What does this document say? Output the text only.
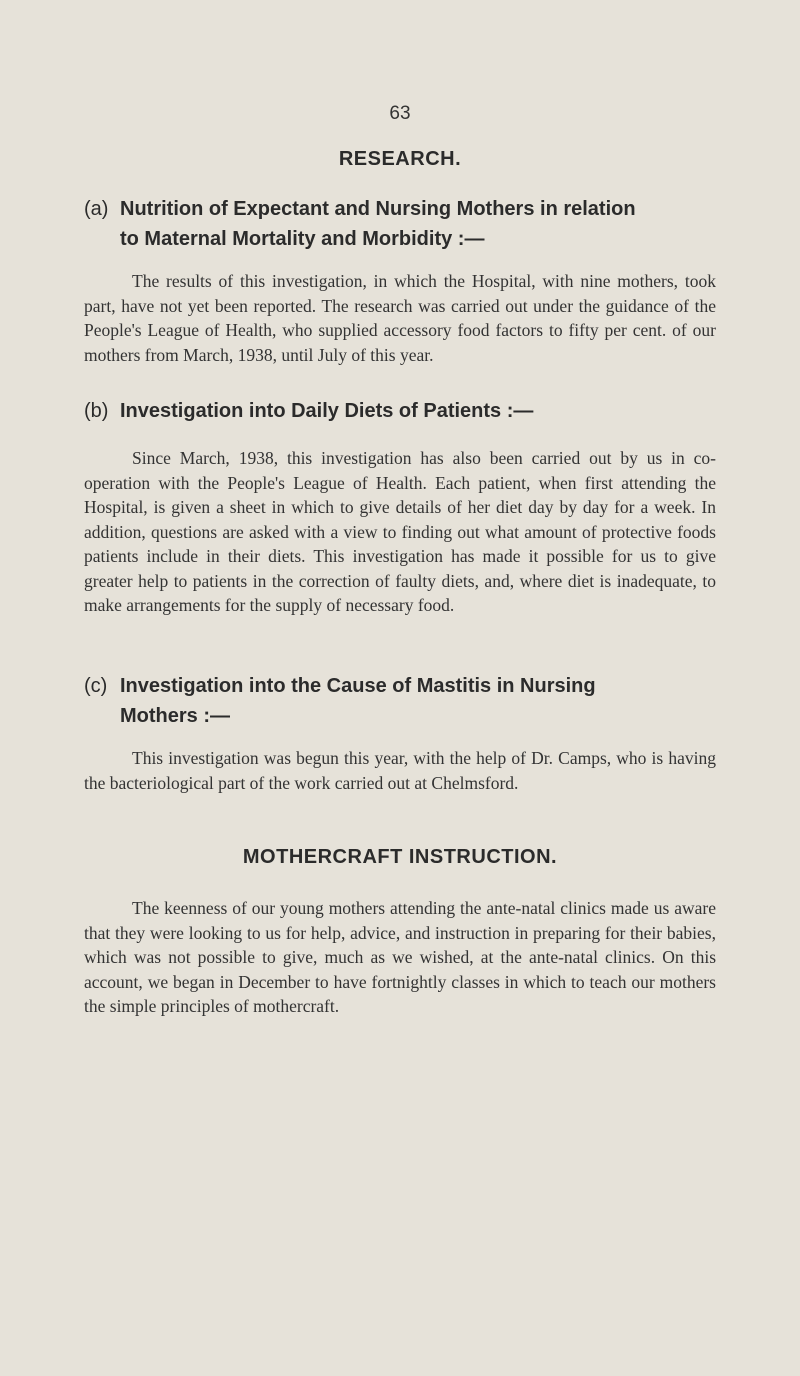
63
RESEARCH.
(a) Nutrition of Expectant and Nursing Mothers in relation
to Maternal Mortality and Morbidity :—

The results of this investigation, in which the Hospital, with nine mothers, took part, have not yet been reported. The research was carried out under the guidance of the People's League of Health, who supplied accessory food factors to fifty per cent. of our mothers from March, 1938, until July of this year.

(b) Investigation into Daily Diets of Patients :—

Since March, 1938, this investigation has also been carried out by us in co-operation with the People's League of Health. Each patient, when first attending the Hospital, is given a sheet in which to give details of her diet day by day for a week. In addition, questions are asked with a view to finding out what amount of protective foods patients include in their diets. This investigation has made it possible for us to give greater help to patients in the correction of faulty diets, and, where diet is inadequate, to make arrangements for the supply of necessary food.

(c) Investigation into the Cause of Mastitis in Nursing
Mothers :—

This investigation was begun this year, with the help of Dr. Camps, who is having the bacteriological part of the work carried out at Chelmsford.

MOTHERCRAFT INSTRUCTION.

The keenness of our young mothers attending the ante-natal clinics made us aware that they were looking to us for help, advice, and instruction in preparing for their babies, which was not possible to give, much as we wished, at the ante-natal clinics. On this account, we began in December to have fortnightly classes in which to teach our mothers the simple principles of mothercraft.
